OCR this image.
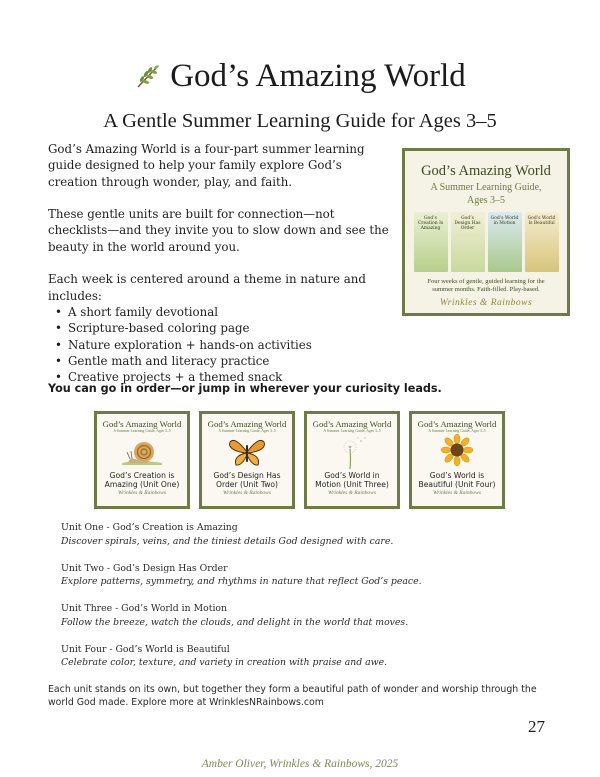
God’s Amazing World
A Gentle Summer Learning Guide for Ages 3–5

God’s Amazing World is a four-part summer learning guide designed to help your family explore God’s creation through wonder, play, and faith.

These gentle units are built for connection—not checklists—and they invite you to slow down and see the beauty in the world around you.

Each week is centered around a theme in nature and includes:

• A short family devotional
• Scripture-based coloring page
• Nature exploration + hands-on activities
• Gentle math and literacy practice
• Creative projects + a themed snack
God’s Amazing World
A Summer Learning Guide,
Ages 3–5
God’s Creation Is Amazing
God’s Design Has Order
God’s World in Motion
God’s World Is Beautiful
Four weeks of gentle, guided learning for the
summer months. Faith-filled. Play-based.
Wrinkles & Rainbows
You can go in order—or jump in wherever your curiosity leads.
God’s Amazing World
A Summer Learning Guide, Ages 3–5
God’s Creation is
Amazing (Unit One)
Wrinkles & Rainbows
God’s Amazing World
A Summer Learning Guide, Ages 3–5
God’s Design Has
Order (Unit Two)
Wrinkles & Rainbows
God’s Amazing World
A Summer Learning Guide, Ages 3–5
God’s World in
Motion (Unit Three)
Wrinkles & Rainbows
God’s Amazing World
A Summer Learning Guide, Ages 3–5
God’s World is
Beautiful (Unit Four)
Wrinkles & Rainbows
Unit One - God’s Creation is Amazing
Discover spirals, veins, and the tiniest details God designed with care.
Unit Two - God’s Design Has Order
Explore patterns, symmetry, and rhythms in nature that reflect God’s peace.
Unit Three - God’s World in Motion
Follow the breeze, watch the clouds, and delight in the world that moves.
Unit Four - God’s World is Beautiful
Celebrate color, texture, and variety in creation with praise and awe.
Each unit stands on its own, but together they form a beautiful path of wonder and worship through the world God made. Explore more at WrinklesNRainbows.com
27
Amber Oliver, Wrinkles & Rainbows, 2025
